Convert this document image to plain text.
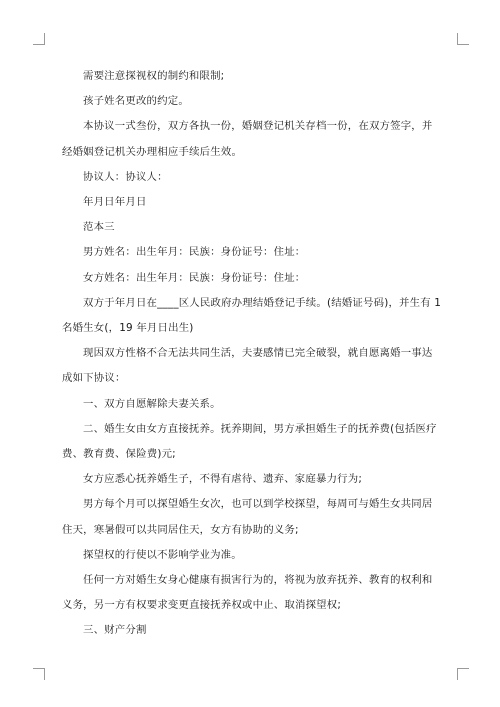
需要注意探视权的制约和限制;

孩子姓名更改的约定。

本协议一式叁份，双方各执一份，婚姻登记机关存档一份，在双方签字，并经婚姻登记机关办理相应手续后生效。

协议人：协议人：

年月日年月日

范本三

男方姓名：出生年月：民族：身份证号：住址：

女方姓名：出生年月：民族：身份证号：住址：

双方于年月日在____区人民政府办理结婚登记手续。(结婚证号码)，并生有 1 名婚生女(，19 年月日出生)

现因双方性格不合无法共同生活，夫妻感情已完全破裂，就自愿离婚一事达成如下协议：

一、双方自愿解除夫妻关系。

二、婚生女由女方直接抚养。抚养期间，男方承担婚生子的抚养费(包括医疗费、教育费、保险费)元;

女方应悉心抚养婚生子，不得有虐待、遗弃、家庭暴力行为;

男方每个月可以探望婚生女次，也可以到学校探望，每周可与婚生女共同居住天，寒暑假可以共同居住天，女方有协助的义务;

探望权的行使以不影响学业为准。

任何一方对婚生女身心健康有损害行为的，将视为放弃抚养、教育的权利和义务，另一方有权要求变更直接抚养权或中止、取消探望权;

三、财产分割
